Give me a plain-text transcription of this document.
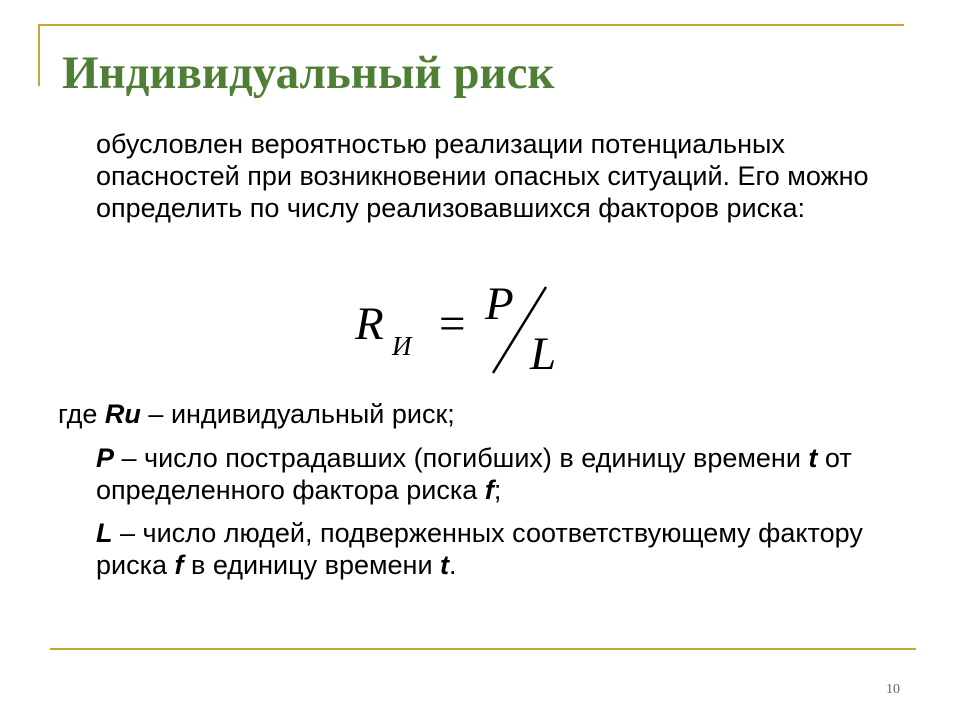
Индивидуальный риск
обусловлен вероятностью реализации потенциальных опасностей при возникновении опасных ситуаций. Его можно определить по числу реализовавшихся факторов риска:
R И = P
L
где Rи – индивидуальный риск;
P – число пострадавших (погибших) в единицу времени t от определенного фактора риска f;
L – число людей, подверженных соответствующему фактору риска f в единицу времени t.
10
